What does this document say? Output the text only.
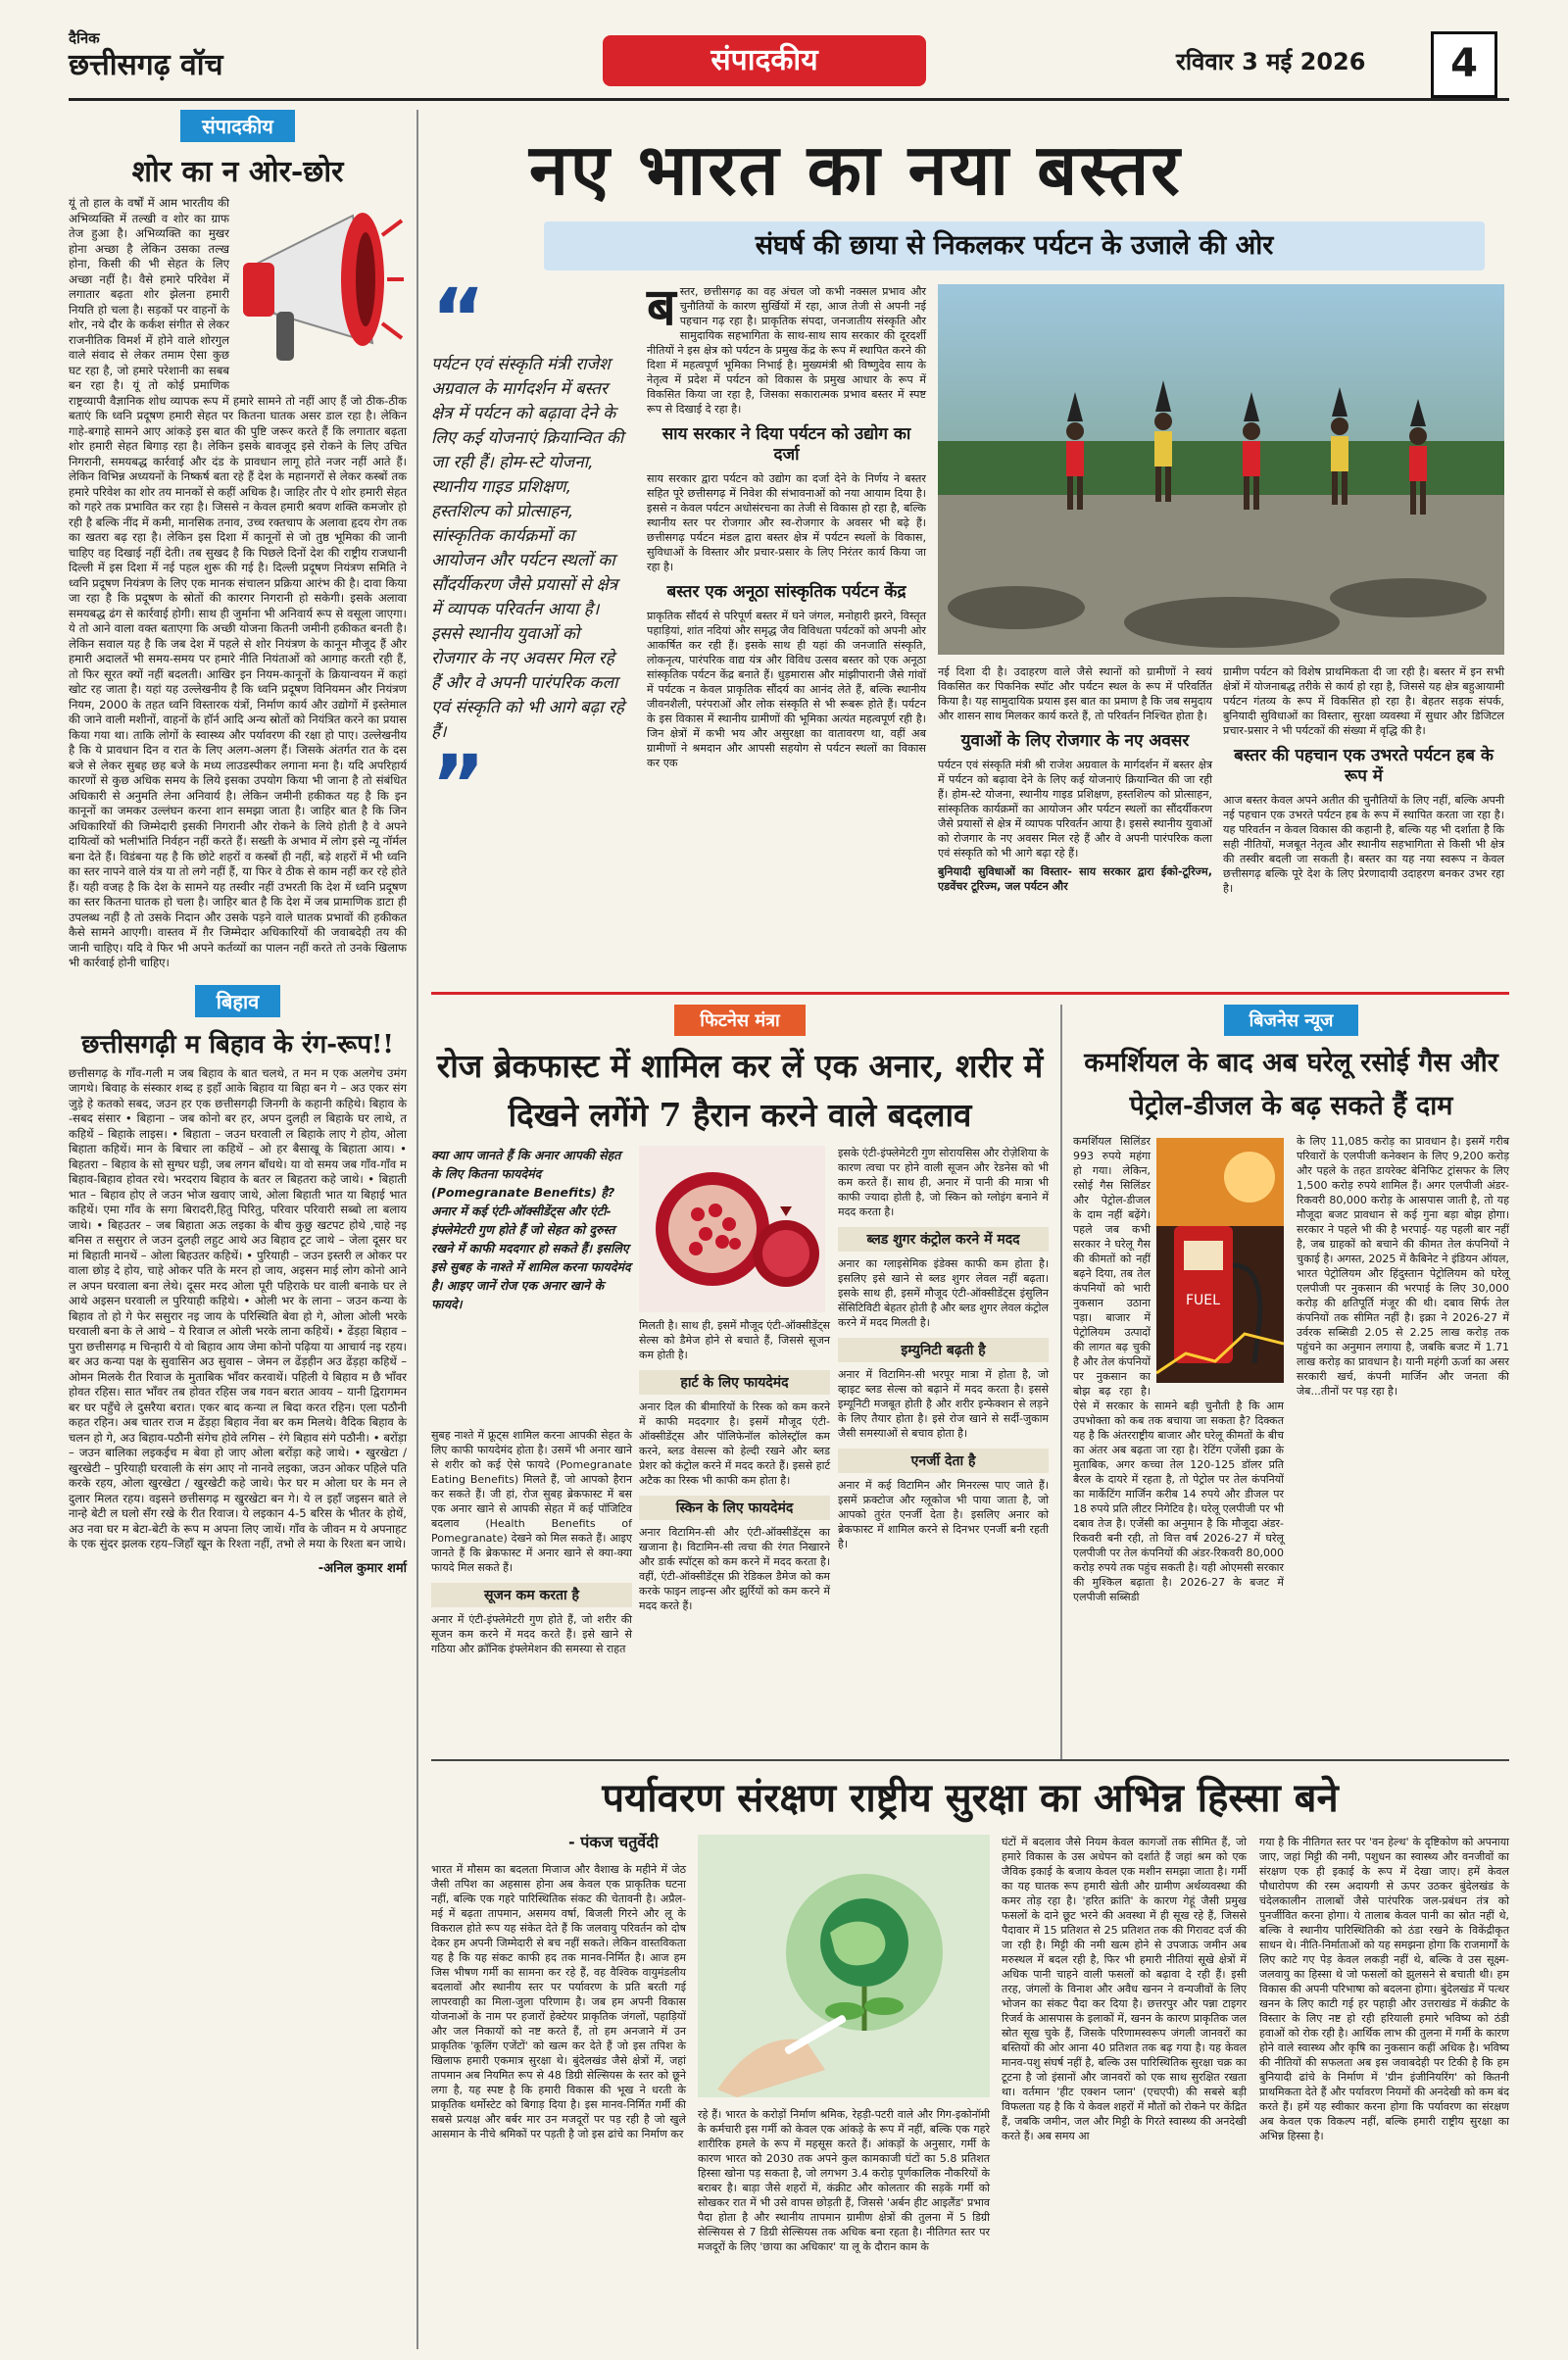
दैनिक
छत्तीसगढ़ वॉच	संपादकीय	रविवार 3 मई 2026	4
संपादकीय
शोर का न ओर-छोर

यूं तो हाल के वर्षों में आम भारतीय की अभिव्यक्ति में तल्खी व शोर का ग्राफ तेज हुआ है। अभिव्यक्ति का मुखर होना अच्छा है लेकिन उसका तल्ख होना, किसी की भी सेहत के लिए अच्छा नहीं है। वैसे हमारे परिवेश में लगातार बढ़ता शोर झेलना हमारी नियति हो चला है। सड़कों पर वाहनों के शोर, नये दौर के कर्कश संगीत से लेकर राजनीतिक विमर्श में होने वाले शोरगुल वाले संवाद से लेकर तमाम ऐसा कुछ घट रहा है, जो हमारे परेशानी का सबब बन रहा है। यूं तो कोई प्रमाणिक राष्ट्रव्यापी वैज्ञानिक शोध व्यापक रूप में हमारे सामने तो नहीं आए हैं जो ठीक-ठीक बताएं कि ध्वनि प्रदूषण हमारी सेहत पर कितना घातक असर डाल रहा है। लेकिन गाहे-बगाहे सामने आए आंकड़े इस बात की पुष्टि जरूर करते हैं कि लगातार बढ़ता शोर हमारी सेहत बिगाड़ रहा है। लेकिन इसके बावजूद इसे रोकने के लिए उचित निगरानी, समयबद्ध कार्रवाई और दंड के प्रावधान लागू होते नजर नहीं आते हैं। लेकिन विभिन्न अध्ययनों के निष्कर्ष बता रहे हैं देश के महानगरों से लेकर कस्बों तक हमारे परिवेश का शोर तय मानकों से कहीं अधिक है। जाहिर तौर पे शोर हमारी सेहत को गहरे तक प्रभावित कर रहा है। जिससे न केवल हमारी श्रवण शक्ति कमजोर हो रही है बल्कि नींद में कमी, मानसिक तनाव, उच्च रक्तचाप के अलावा हृदय रोग तक का खतरा बढ़ रहा है। लेकिन इस दिशा में कानूनों से जो तुष्ठ भूमिका की जानी चाहिए वह दिखाई नहीं देती। तब सुखद है कि पिछले दिनों देश की राष्ट्रीय राजधानी दिल्ली में इस दिशा में नई पहल शुरू की गई है। दिल्ली प्रदूषण नियंत्रण समिति ने ध्वनि प्रदूषण नियंत्रण के लिए एक मानक संचालन प्रक्रिया आरंभ की है। दावा किया जा रहा है कि प्रदूषण के स्रोतों की कारगर निगरानी हो सकेगी। इसके अलावा समयबद्ध ढंग से कार्रवाई होगी। साथ ही जुर्माना भी अनिवार्य रूप से वसूला जाएगा। ये तो आने वाला वक्त बताएगा कि अच्छी योजना कितनी जमीनी हकीकत बनती है। लेकिन सवाल यह है कि जब देश में पहले से शोर नियंत्रण के कानून मौजूद हैं और हमारी अदालतें भी समय-समय पर हमारे नीति नियंताओं को आगाह करती रही हैं, तो फिर सूरत क्यों नहीं बदलती। आखिर इन नियम-कानूनों के क्रियान्वयन में कहां खोट रह जाता है। यहां यह उल्लेखनीय है कि ध्वनि प्रदूषण विनियमन और नियंत्रण नियम, 2000 के तहत ध्वनि विस्तारक यंत्रों, निर्माण कार्य और उद्योगों में इस्तेमाल की जाने वाली मशीनों, वाहनों के हॉर्न आदि अन्य स्रोतों को नियंत्रित करने का प्रयास किया गया था। ताकि लोगों के स्वास्थ्य और पर्यावरण की रक्षा हो पाए। उल्लेखनीय है कि ये प्रावधान दिन व रात के लिए अलग-अलग हैं। जिसके अंतर्गत रात के दस बजे से लेकर सुबह छह बजे के मध्य लाउडस्पीकर लगाना मना है। यदि अपरिहार्य कारणों से कुछ अधिक समय के लिये इसका उपयोग किया भी जाना है तो संबंधित अधिकारी से अनुमति लेना अनिवार्य है। लेकिन जमीनी हकीकत यह है कि इन कानूनों का जमकर उल्लंघन करना शान समझा जाता है। जाहिर बात है कि जिन अधिकारियों की जिम्मेदारी इसकी निगरानी और रोकने के लिये होती है वे अपने दायित्वों को भलीभांति निर्वहन नहीं करते हैं। सख्ती के अभाव में लोग इसे न्यू नॉर्मल बना देते हैं। विडंबना यह है कि छोटे शहरों व कस्बों ही नहीं, बड़े शहरों में भी ध्वनि का स्तर नापने वाले यंत्र या तो लगे नहीं हैं, या फिर वे ठीक से काम नहीं कर रहे होते हैं। यही वजह है कि देश के सामने यह तस्वीर नहीं उभरती कि देश में ध्वनि प्रदूषण का स्तर कितना घातक हो चला है। जाहिर बात है कि देश में जब प्रामाणिक डाटा ही उपलब्ध नहीं है तो उसके निदान और उसके पड़ने वाले घातक प्रभावों की हकीकत कैसे सामने आएगी। वास्तव में ग़ैर जिम्मेदार अधिकारियों की जवाबदेही तय की जानी चाहिए। यदि वे फिर भी अपने कर्तव्यों का पालन नहीं करते तो उनके खिलाफ भी कार्रवाई होनी चाहिए।

बिहाव
छत्तीसगढ़ी म बिहाव के रंग-रूप!!

छत्तीसगढ़ के गाँव-गली म जब बिहाव के बात चलथे, त मन म एक अलगेच उमंग जागथे। बिवाह के संस्कार शब्द ह इहाँ आके बिहाव या बिहा बन गे – अउ एकर संग जुड़े हे कतको सबद, जउन हर एक छत्तीसगढ़ी जिनगी के कहानी कहिथे। बिहाव के -सबद संसार • बिहाना – जब कोनो बर हर, अपन दुलही ल बिहाके घर लाथे, त कहिथें – बिहाके लाइस। • बिहाता – जउन घरवाली ल बिहाके लाए गे होय, ओला बिहाता कहिथें। मान के बिचार ला कहिथें – ओ हर बैसाखू के बिहाता आय। • बिहतरा – बिहाव के सो सुग्घर घड़ी, जब लगन बाँधथे। या वो समय जब गाँव-गाँव म बिहाव-बिहाव होवत रथे। भरदराय बिहाव के बतर ल बिहतरा कहे जाथे। • बिहाती भात – बिहाव होए ले जउन भोज खवाए जाथे, ओला बिहाती भात या बिहाई भात कहिथें। एमा गाँव के सगा बिरादरी,हितु पिरितु, परिवार परिवारी सब्बो ला बलाय जाथे। • बिहउतर – जब बिहाता अऊ लइका के बीच कुछु खटपट होथे ,चाहे नइ बनिस त ससुरार ले जउन दुलही लहुट आथे अउ बिहाव टूट जाथे – जेला दूसर घर मां बिहाती मानथें – ओला बिहउतर कहिथें। • पुरियाही – जउन इस्तरी ल ओकर पर वाला छोड़ दे होय, चाहे ओकर पति के मरन हो जाय, अइसन माई लोग कोनो आने ल अपन घरवाला बना लेथे। दूसर मरद ओला पूरी पहिराके घर वाली बनाके घर ले आथे अइसन घरवाली ल पुरियाही कहिथे। • ओली भर के लाना – जउन कन्या के बिहाव तो हो गे फेर ससुरार नइ जाय के परिस्थिति बेवा हो गे, ओला ओली भरके घरवाली बना के ले आथे – ये रिवाज ल ओली भरके लाना कहिथें। • ढेंड़हा बिहाव – पुरा छत्तीसगढ़ म चिन्हारी ये वो बिहाव आय जेमा कोनो पढ़िया या आचार्य नइ रहय। बर अउ कन्या पक्ष के सुवासिन अउ सुवास – जेमन ल ढेंड़हीन अउ ढेंड़हा कहिथें – ओमन मिलके रीत रिवाज के मुताबिक भाँवर करवाथें। पहिली ये बिहाव म छै भाँवर होवत रहिस। सात भाँवर तब होवत रहिस जब गवन बरात आवय – यानी द्विरागमन बर घर पहुँचे ले दुसरैया बरात। एकर बाद कन्या ल बिदा करत रहिन। एला पठौनी कहत रहिन। अब चातर राज म ढेंड़हा बिहाव नेंवा बर कम मिलथे। वैदिक बिहाव के चलन हो गे, अउ बिहाव-पठौनी संगेच होवे लगिस – रंगे बिहाव संगे पठौनी। • बरोंड़ा – जउन बालिका लइकईच म बेवा हो जाए ओला बरोंड़ा कहे जाथे। • खुरखेटा / खुरखेटी – पुरियाही घरवाली के संग आए नो नानवे लइका, जउन ओकर पहिले पति करके रहय, ओला खुरखेटा / खुरखेटी कहे जाथे। फेर घर म ओला घर के मन ले दुलार मिलत रहय। वइसने छत्तीसगढ़ म खुरखेटा बन गे। ये ल इहाँ जइसन बाते ले नान्हे बेटी ल घलो सँग रखे के रीत रिवाज। ये लइकान 4-5 बरिस के भीतर के होथें, अउ नवा घर म बेटा-बेटी के रूप म अपना लिए जाथें। गाँव के जीवन म ये अपनाहट के एक सुंदर झलक रहय–जिहाँ खून के रिश्ता नहीं, तभो ले मया के रिश्ता बन जाथे।

-अनिल कुमार शर्मा
नए भारत का नया बस्तर
संघर्ष की छाया से निकलकर पर्यटन के उजाले की ओर
“
पर्यटन एवं संस्कृति मंत्री राजेश अग्रवाल के मार्गदर्शन में बस्तर क्षेत्र में पर्यटन को बढ़ावा देने के लिए कई योजनाएं क्रियान्वित की जा रही हैं। होम-स्टे योजना, स्थानीय गाइड प्रशिक्षण, हस्तशिल्प को प्रोत्साहन, सांस्कृतिक कार्यक्रमों का आयोजन और पर्यटन स्थलों का सौंदर्यीकरण जैसे प्रयासों से क्षेत्र में व्यापक परिवर्तन आया है। इससे स्थानीय युवाओं को रोजगार के नए अवसर मिल रहे हैं और वे अपनी पारंपरिक कला एवं संस्कृति को भी आगे बढ़ा रहे हैं।
”

बस्तर, छत्तीसगढ़ का वह अंचल जो कभी नक्सल प्रभाव और चुनौतियों के कारण सुर्खियों में रहा, आज तेजी से अपनी नई पहचान गढ़ रहा है। प्राकृतिक संपदा, जनजातीय संस्कृति और सामुदायिक सहभागिता के साथ-साथ साय सरकार की दूरदर्शी नीतियों ने इस क्षेत्र को पर्यटन के प्रमुख केंद्र के रूप में स्थापित करने की दिशा में महत्वपूर्ण भूमिका निभाई है। मुख्यमंत्री श्री विष्णुदेव साय के नेतृत्व में प्रदेश में पर्यटन को विकास के प्रमुख आधार के रूप में विकसित किया जा रहा है, जिसका सकारात्मक प्रभाव बस्तर में स्पष्ट रूप से दिखाई दे रहा है।

साय सरकार ने दिया पर्यटन को उद्योग का दर्जा

साय सरकार द्वारा पर्यटन को उद्योग का दर्जा देने के निर्णय ने बस्तर सहित पूरे छत्तीसगढ़ में निवेश की संभावनाओं को नया आयाम दिया है। इससे न केवल पर्यटन अधोसंरचना का तेजी से विकास हो रहा है, बल्कि स्थानीय स्तर पर रोजगार और स्व-रोजगार के अवसर भी बढ़े हैं। छत्तीसगढ़ पर्यटन मंडल द्वारा बस्तर क्षेत्र में पर्यटन स्थलों के विकास, सुविधाओं के विस्तार और प्रचार-प्रसार के लिए निरंतर कार्य किया जा रहा है।

बस्तर एक अनूठा सांस्कृतिक पर्यटन केंद्र

प्राकृतिक सौंदर्य से परिपूर्ण बस्तर में घने जंगल, मनोहारी झरने, विस्तृत पहाड़ियां, शांत नदियां और समृद्ध जैव विविधता पर्यटकों को अपनी ओर आकर्षित कर रही हैं। इसके साथ ही यहां की जनजाति संस्कृति, लोकनृत्य, पारंपरिक वाद्य यंत्र और विविध उत्सव बस्तर को एक अनूठा सांस्कृतिक पर्यटन केंद्र बनाते हैं। धुड़मारास और मांझीपारानी जैसे गांवों में पर्यटक न केवल प्राकृतिक सौंदर्य का आनंद लेते हैं, बल्कि स्थानीय जीवनशैली, परंपराओं और लोक संस्कृति से भी रूबरू होते हैं। पर्यटन के इस विकास में स्थानीय ग्रामीणों की भूमिका अत्यंत महत्वपूर्ण रही है। जिन क्षेत्रों में कभी भय और असुरक्षा का वातावरण था, वहीं अब ग्रामीणों ने श्रमदान और आपसी सहयोग से पर्यटन स्थलों का विकास कर एक

नई दिशा दी है। उदाहरण वाले जैसे स्थानों को ग्रामीणों ने स्वयं विकसित कर पिकनिक स्पॉट और पर्यटन स्थल के रूप में परिवर्तित किया है। यह सामुदायिक प्रयास इस बात का प्रमाण है कि जब समुदाय और शासन साथ मिलकर कार्य करते हैं, तो परिवर्तन निश्चित होता है।

युवाओं के लिए रोजगार के नए अवसर

पर्यटन एवं संस्कृति मंत्री श्री राजेश अग्रवाल के मार्गदर्शन में बस्तर क्षेत्र में पर्यटन को बढ़ावा देने के लिए कई योजनाएं क्रियान्वित की जा रही हैं। होम-स्टे योजना, स्थानीय गाइड प्रशिक्षण, हस्तशिल्प को प्रोत्साहन, सांस्कृतिक कार्यक्रमों का आयोजन और पर्यटन स्थलों का सौंदर्यीकरण जैसे प्रयासों से क्षेत्र में व्यापक परिवर्तन आया है। इससे स्थानीय युवाओं को रोजगार के नए अवसर मिल रहे हैं और वे अपनी पारंपरिक कला एवं संस्कृति को भी आगे बढ़ा रहे हैं।

बुनियादी सुविधाओं का विस्तार- साय सरकार द्वारा ईको-टूरिज्म, एडवेंचर टूरिज्म, जल पर्यटन और

ग्रामीण पर्यटन को विशेष प्राथमिकता दी जा रही है। बस्तर में इन सभी क्षेत्रों में योजनाबद्ध तरीके से कार्य हो रहा है, जिससे यह क्षेत्र बहुआयामी पर्यटन गंतव्य के रूप में विकसित हो रहा है। बेहतर सड़क संपर्क, बुनियादी सुविधाओं का विस्तार, सुरक्षा व्यवस्था में सुधार और डिजिटल प्रचार-प्रसार ने भी पर्यटकों की संख्या में वृद्धि की है।

बस्तर की पहचान एक उभरते पर्यटन हब के रूप में

आज बस्तर केवल अपने अतीत की चुनौतियों के लिए नहीं, बल्कि अपनी नई पहचान एक उभरते पर्यटन हब के रूप में स्थापित करता जा रहा है। यह परिवर्तन न केवल विकास की कहानी है, बल्कि यह भी दर्शाता है कि सही नीतियों, मजबूत नेतृत्व और स्थानीय सहभागिता से किसी भी क्षेत्र की तस्वीर बदली जा सकती है। बस्तर का यह नया स्वरूप न केवल छत्तीसगढ़ बल्कि पूरे देश के लिए प्रेरणादायी उदाहरण बनकर उभर रहा है।

फिटनेस मंत्रा
रोज ब्रेकफास्ट में शामिल कर लें एक अनार, शरीर में दिखने लगेंगे 7 हैरान करने वाले बदलाव
क्या आप जानते हैं कि अनार आपकी सेहत के लिए कितना फायदेमंद (Pomegranate Benefits) है? अनार में कई एंटी-ऑक्सीडेंट्स और एंटी-इंफ्लेमेटरी गुण होते हैं जो सेहत को दुरुस्त रखने में काफी मददगार हो सकते हैं। इसलिए इसे सुबह के नाश्ते में शामिल करना फायदेमंद है। आइए जानें रोज एक अनार खाने के फायदे।

सुबह नाश्ते में फ्रूट्स शामिल करना आपकी सेहत के लिए काफी फायदेमंद होता है। उसमें भी अनार खाने से शरीर को कई ऐसे फायदे (Pomegranate Eating Benefits) मिलते हैं, जो आपको हैरान कर सकते हैं। जी हां, रोज सुबह ब्रेकफास्ट में बस एक अनार खाने से आपकी सेहत में कई पॉजिटिव बदलाव (Health Benefits of Pomegranate) देखने को मिल सकते हैं। आइए जानते हैं कि ब्रेकफास्ट में अनार खाने से क्या-क्या फायदे मिल सकते हैं।

सूजन कम करता है

अनार में एंटी-इंफ्लेमेटरी गुण होते हैं, जो शरीर की सूजन कम करने में मदद करते हैं। इसे खाने से गठिया और क्रॉनिक इंफ्लेमेशन की समस्या से राहत

मिलती है। साथ ही, इसमें मौजूद एंटी-ऑक्सीडेंट्स सेल्स को डैमेज होने से बचाते हैं, जिससे सूजन कम होती है।

हार्ट के लिए फायदेमंद

अनार दिल की बीमारियों के रिस्क को कम करने में काफी मददगार है। इसमें मौजूद एंटी-ऑक्सीडेंट्स और पॉलिफेनॉल कोलेस्ट्रॉल कम करने, ब्लड वेसल्स को हेल्दी रखने और ब्लड प्रेशर को कंट्रोल करने में मदद करते हैं। इससे हार्ट अटैक का रिस्क भी काफी कम होता है।

स्किन के लिए फायदेमंद

अनार विटामिन-सी और एंटी-ऑक्सीडेंट्स का खजाना है। विटामिन-सी त्वचा की रंगत निखारने और डार्क स्पॉट्स को कम करने में मदद करता है। वहीं, एंटी-ऑक्सीडेंट्स फ्री रेडिकल डैमेज को कम करके फाइन लाइन्स और झुर्रियों को कम करने में मदद करते हैं।

इसके एंटी-इंफ्लेमेटरी गुण सोरायसिस और रोज़ेशिया के कारण त्वचा पर होने वाली सूजन और रेडनेस को भी कम करते हैं। साथ ही, अनार में पानी की मात्रा भी काफी ज्यादा होती है, जो स्किन को ग्लोइंग बनाने में मदद करता है।

ब्लड शुगर कंट्रोल करने में मदद

अनार का ग्लाइसेमिक इंडेक्स काफी कम होता है। इसलिए इसे खाने से ब्लड शुगर लेवल नहीं बढ़ता। इसके साथ ही, इसमें मौजूद एंटी-ऑक्सीडेंट्स इंसुलिन सेंसिटिविटी बेहतर होती है और ब्लड शुगर लेवल कंट्रोल करने में मदद मिलती है।

इम्युनिटी बढ़ती है

अनार में विटामिन-सी भरपूर मात्रा में होता है, जो व्हाइट ब्लड सेल्स को बढ़ाने में मदद करता है। इससे इम्यूनिटी मजबूत होती है और शरीर इन्फेक्शन से लड़ने के लिए तैयार होता है। इसे रोज खाने से सर्दी-जुकाम जैसी समस्याओं से बचाव होता है।

एनर्जी देता है

अनार में कई विटामिन और मिनरल्स पाए जाते हैं। इसमें फ्रक्टोज और ग्लूकोज भी पाया जाता है, जो आपको तुरंत एनर्जी देता है। इसलिए अनार को ब्रेकफास्ट में शामिल करने से दिनभर एनर्जी बनी रहती है।

बिजनेस न्यूज
कमर्शियल के बाद अब घरेलू रसोई गैस और पेट्रोल-डीजल के बढ़ सकते हैं दाम
FUEL

कमर्शियल सिलिंडर 993 रुपये महंगा हो गया। लेकिन, रसोई गैस सिलिंडर और पेट्रोल-डीजल के दाम नहीं बढ़ेंगे। पहले जब कभी सरकार ने घरेलू गैस की कीमतों को नहीं बढ़ने दिया, तब तेल कंपनियों को भारी नुकसान उठाना पड़ा। बाजार में पेट्रोलियम उत्पादों की लागत बढ़ चुकी है और तेल कंपनियों पर नुकसान का बोझ बढ़ रहा है। ऐसे में सरकार के सामने बड़ी चुनौती है कि आम उपभोक्ता को कब तक बचाया जा सकता है? दिक्कत यह है कि अंतरराष्ट्रीय बाजार और घरेलू कीमतों के बीच का अंतर अब बढ़ता जा रहा है। रेटिंग एजेंसी इक्रा के मुताबिक, अगर कच्चा तेल 120-125 डॉलर प्रति बैरल के दायरे में रहता है, तो पेट्रोल पर तेल कंपनियों का मार्केटिंग मार्जिन करीब 14 रुपये और डीजल पर 18 रुपये प्रति लीटर निगेटिव है। घरेलू एलपीजी पर भी दबाव तेज है। एजेंसी का अनुमान है कि मौजूदा अंडर-रिकवरी बनी रही, तो वित्त वर्ष 2026-27 में घरेलू एलपीजी पर तेल कंपनियों की अंडर-रिकवरी 80,000 करोड़ रुपये तक पहुंच सकती है। यही ओएमसी सरकार की मुश्किल बढ़ाता है। 2026-27 के बजट में एलपीजी सब्सिडी

के लिए 11,085 करोड़ का प्रावधान है। इसमें गरीब परिवारों के एलपीजी कनेक्शन के लिए 9,200 करोड़ और पहले के तहत डायरेक्ट बेनिफिट ट्रांसफर के लिए 1,500 करोड़ रुपये शामिल हैं। अगर एलपीजी अंडर-रिकवरी 80,000 करोड़ के आसपास जाती है, तो यह मौजूदा बजट प्रावधान से कई गुना बड़ा बोझ होगा। सरकार ने पहले भी की है भरपाई- यह पहली बार नहीं है, जब ग्राहकों को बचाने की कीमत तेल कंपनियों ने चुकाई है। अगस्त, 2025 में कैबिनेट ने इंडियन ऑयल, भारत पेट्रोलियम और हिंदुस्तान पेट्रोलियम को घरेलू एलपीजी पर नुकसान की भरपाई के लिए 30,000 करोड़ की क्षतिपूर्ति मंजूर की थी। दबाव सिर्फ तेल कंपनियों तक सीमित नहीं है। इक्रा ने 2026-27 में उर्वरक सब्सिडी 2.05 से 2.25 लाख करोड़ तक पहुंचने का अनुमान लगाया है, जबकि बजट में 1.71 लाख करोड़ का प्रावधान है। यानी महंगी ऊर्जा का असर सरकारी खर्च, कंपनी मार्जिन और जनता की जेब...तीनों पर पड़ रहा है।

पर्यावरण संरक्षण राष्ट्रीय सुरक्षा का अभिन्न हिस्सा बने
- पंकज चतुर्वेदी

भारत में मौसम का बदलता मिजाज और वैशाख के महीने में जेठ जैसी तपिश का अहसास होना अब केवल एक प्राकृतिक घटना नहीं, बल्कि एक गहरे पारिस्थितिक संकट की चेतावनी है। अप्रैल-मई में बढ़ता तापमान, असमय वर्षा, बिजली गिरने और लू के विकराल होते रूप यह संकेत देते हैं कि जलवायु परिवर्तन को दोष देकर हम अपनी जिम्मेदारी से बच नहीं सकते। लेकिन वास्तविकता यह है कि यह संकट काफी हद तक मानव-निर्मित है। आज हम जिस भीषण गर्मी का सामना कर रहे हैं, वह वैश्विक वायुमंडलीय बदलावों और स्थानीय स्तर पर पर्यावरण के प्रति बरती गई लापरवाही का मिला-जुला परिणाम है। जब हम अपनी विकास योजनाओं के नाम पर हजारों हेक्टेयर प्राकृतिक जंगलों, पहाड़ियों और जल निकायों को नष्ट करते हैं, तो हम अनजाने में उन प्राकृतिक 'कूलिंग एजेंटों' को खत्म कर देते हैं जो इस तपिश के खिलाफ हमारी एकमात्र सुरक्षा थे। बुंदेलखंड जैसे क्षेत्रों में, जहां तापमान अब नियमित रूप से 48 डिग्री सेल्सियस के स्तर को छूने लगा है, यह स्पष्ट है कि हमारी विकास की भूख ने धरती के प्राकृतिक थर्मोस्टेट को बिगाड़ दिया है। इस मानव-निर्मित गर्मी की सबसे प्रत्यक्ष और बर्बर मार उन मजदूरों पर पड़ रही है जो खुले आसमान के नीचे श्रमिकों पर पड़ती है जो इस ढांचे का निर्माण कर

रहे हैं। भारत के करोड़ों निर्माण श्रमिक, रेहड़ी-पटरी वाले और गिग-इकोनॉमी के कर्मचारी इस गर्मी को केवल एक आंकड़े के रूप में नहीं, बल्कि एक गहरे शारीरिक हमले के रूप में महसूस करते हैं। आंकड़ों के अनुसार, गर्मी के कारण भारत को 2030 तक अपने कुल कामकाजी घंटों का 5.8 प्रतिशत हिस्सा खोना पड़ सकता है, जो लगभग 3.4 करोड़ पूर्णकालिक नौकरियों के बराबर है। बाड़ा जैसे शहरों में, कंक्रीट और कोलतार की सड़कें गर्मी को सोखकर रात में भी उसे वापस छोड़ती हैं, जिससे 'अर्बन हीट आइलैंड' प्रभाव पैदा होता है और स्थानीय तापमान ग्रामीण क्षेत्रों की तुलना में 5 डिग्री सेल्सियस से 7 डिग्री सेल्सियस तक अधिक बना रहता है। नीतिगत स्तर पर मजदूरों के लिए 'छाया का अधिकार' या लू के दौरान काम के

घंटों में बदलाव जैसे नियम केवल कागजों तक सीमित हैं, जो हमारे विकास के उस अधेपन को दर्शाते हैं जहां श्रम को एक जैविक इकाई के बजाय केवल एक मशीन समझा जाता है। गर्मी का यह घातक रूप हमारी खेती और ग्रामीण अर्थव्यवस्था की कमर तोड़ रहा है। 'हरित क्रांति' के कारण गेहूं जैसी प्रमुख फसलों के दाने छूट भरने की अवस्था में ही सूख रहे हैं, जिससे पैदावार में 15 प्रतिशत से 25 प्रतिशत तक की गिरावट दर्ज की जा रही है। मिट्टी की नमी खत्म होने से उपजाऊ जमीन अब मरुस्थल में बदल रही है, फिर भी हमारी नीतियां सूखे क्षेत्रों में अधिक पानी चाहने वाली फसलों को बढ़ावा दे रही हैं। इसी तरह, जंगलों के विनाश और अवैध खनन ने वन्यजीवों के लिए भोजन का संकट पैदा कर दिया है। छत्तरपुर और पन्ना टाइगर रिजर्व के आसपास के इलाकों में, खनन के कारण प्राकृतिक जल स्रोत सूख चुके हैं, जिसके परिणामस्वरूप जंगली जानवरों का बस्तियों की ओर आना 40 प्रतिशत तक बढ़ गया है। यह केवल मानव-पशु संघर्ष नहीं है, बल्कि उस पारिस्थितिक सुरक्षा चक्र का टूटना है जो इंसानों और जानवरों को एक साथ सुरक्षित रखता था। वर्तमान 'हीट एक्शन प्लान' (एचएपी) की सबसे बड़ी विफलता यह है कि ये केवल शहरों में मौतों को रोकने पर केंद्रित हैं, जबकि जमीन, जल और मिट्टी के गिरते स्वास्थ्य की अनदेखी करते हैं। अब समय आ

गया है कि नीतिगत स्तर पर 'वन हेल्थ' के दृष्टिकोण को अपनाया जाए, जहां मिट्टी की नमी, पशुधन का स्वास्थ्य और वनजीवों का संरक्षण एक ही इकाई के रूप में देखा जाए। हमें केवल पौधारोपण की रस्म अदायगी से ऊपर उठकर बुंदेलखंड के चंदेलकालीन तालाबों जैसे पारंपरिक जल-प्रबंधन तंत्र को पुनर्जीवित करना होगा। ये तालाब केवल पानी का स्रोत नहीं थे, बल्कि वे स्थानीय पारिस्थितिकी को ठंडा रखने के विकेंद्रीकृत साधन थे। नीति-निर्माताओं को यह समझना होगा कि राजमार्गों के लिए काटे गए पेड़ केवल लकड़ी नहीं थे, बल्कि वे उस सूक्ष्म-जलवायु का हिस्सा थे जो फसलों को झुलसने से बचाती थी। हम विकास की अपनी परिभाषा को बदलना होगा। बुंदेलखंड में पत्थर खनन के लिए काटी गई हर पहाड़ी और उत्तराखंड में कंक्रीट के विस्तार के लिए नष्ट हो रही हरियाली हमारे भविष्य को ठंडी हवाओं को रोक रही है। आर्थिक लाभ की तुलना में गर्मी के कारण होने वाले स्वास्थ्य और कृषि का नुकसान कहीं अधिक है। भविष्य की नीतियों की सफलता अब इस जवाबदेही पर टिकी है कि हम बुनियादी ढांचे के निर्माण में 'ग्रीन इंजीनियरिंग' को कितनी प्राथमिकता देते हैं और पर्यावरण नियमों की अनदेखी को कम बंद करते हैं। हमें यह स्वीकार करना होगा कि पर्यावरण का संरक्षण अब केवल एक विकल्प नहीं, बल्कि हमारी राष्ट्रीय सुरक्षा का अभिन्न हिस्सा है।
